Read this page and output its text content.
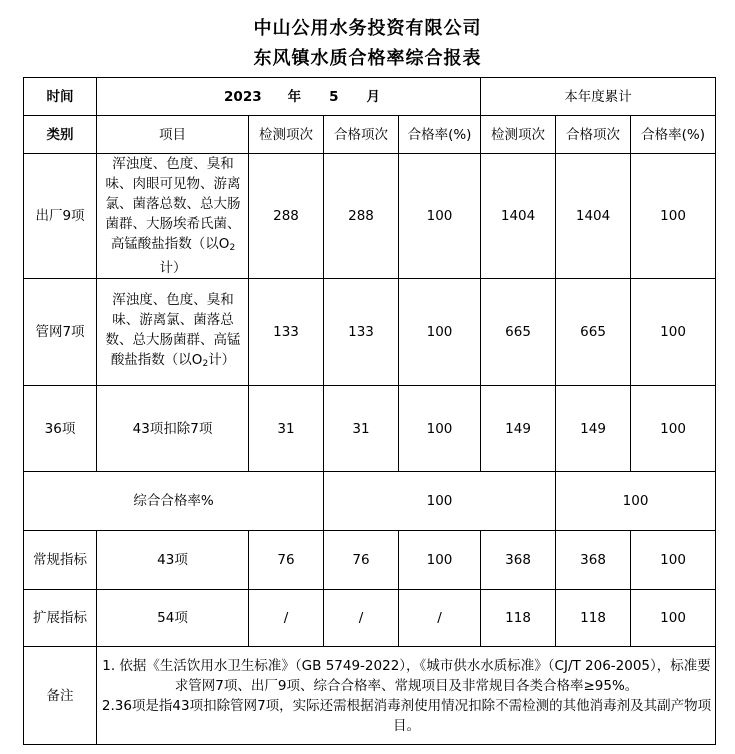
中山公用水务投资有限公司
东风镇水质合格率综合报表
时间	2023 年 5 月				本年度累计		
类别	项目	检测项次	合格项次	合格率(%)	检测项次	合格项次	合格率(%)
出厂9项	浑浊度、色度、臭和味、肉眼可见物、游离氯、菌落总数、总大肠菌群、大肠埃希氏菌、高锰酸盐指数（以$O_2$计）	288	288	100	1404	1404	100
管网7项	浑浊度、色度、臭和味、游离氯、菌落总数、总大肠菌群、高锰酸盐指数（以$O_2$计）	133	133	100	665	665	100
36项	43项扣除7项	31	31	100	149	149	100
综合合格率%			100			100	
常规指标	43项	76	76	100	368	368	100
扩展指标	54项	/	/	/	118	118	100
备注	1. 依据《生活饮用水卫生标准》（GB 5749-2022），《城市供水水质标准》（CJ/T 206-2005），标准要求管网7项、出厂9项、综合合格率、常规项目及非常规目各类合格率≥95%。
2.36项是指43项扣除管网7项，实际还需根据消毒剂使用情况扣除不需检测的其他消毒剂及其副产物项目。						
